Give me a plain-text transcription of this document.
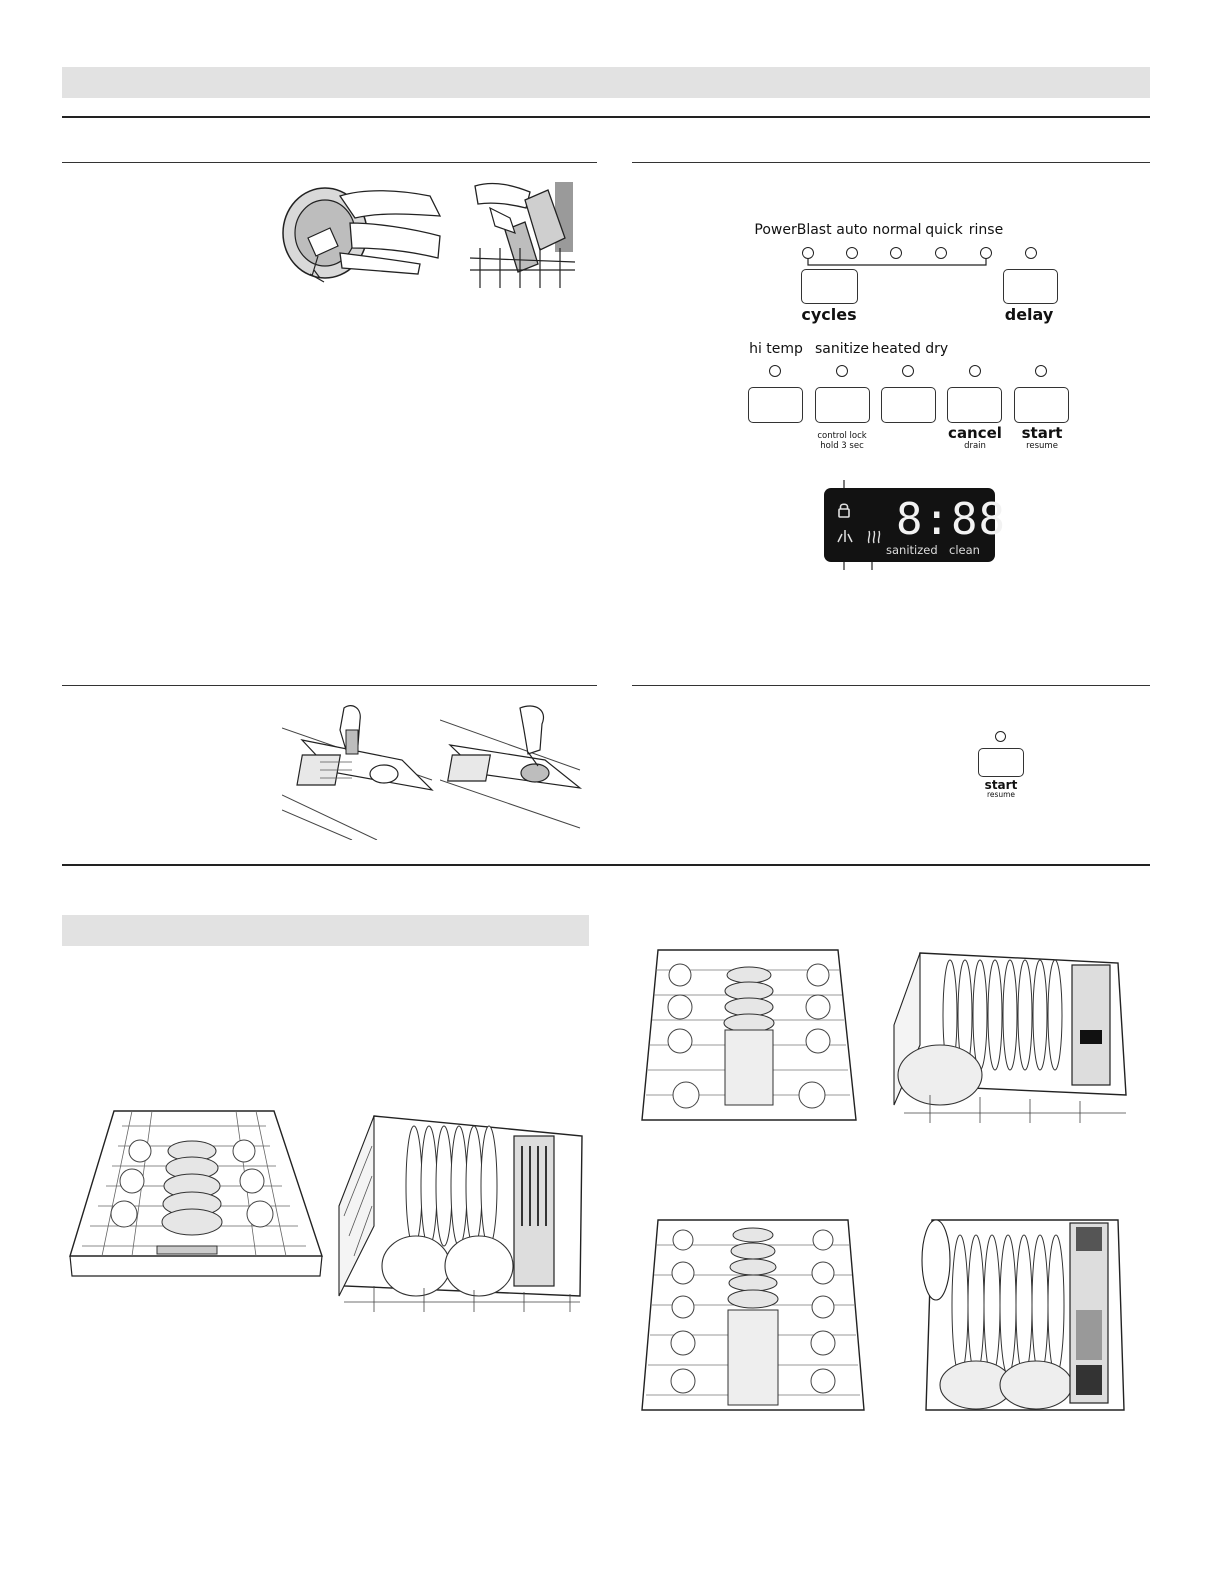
PowerBlast auto normal quick rinse
cycles	delay
hi temp sanitize heated dry
control lock
hold 3 sec
cancel
drain
start
resume
8:88
sanitized clean
start
resume
